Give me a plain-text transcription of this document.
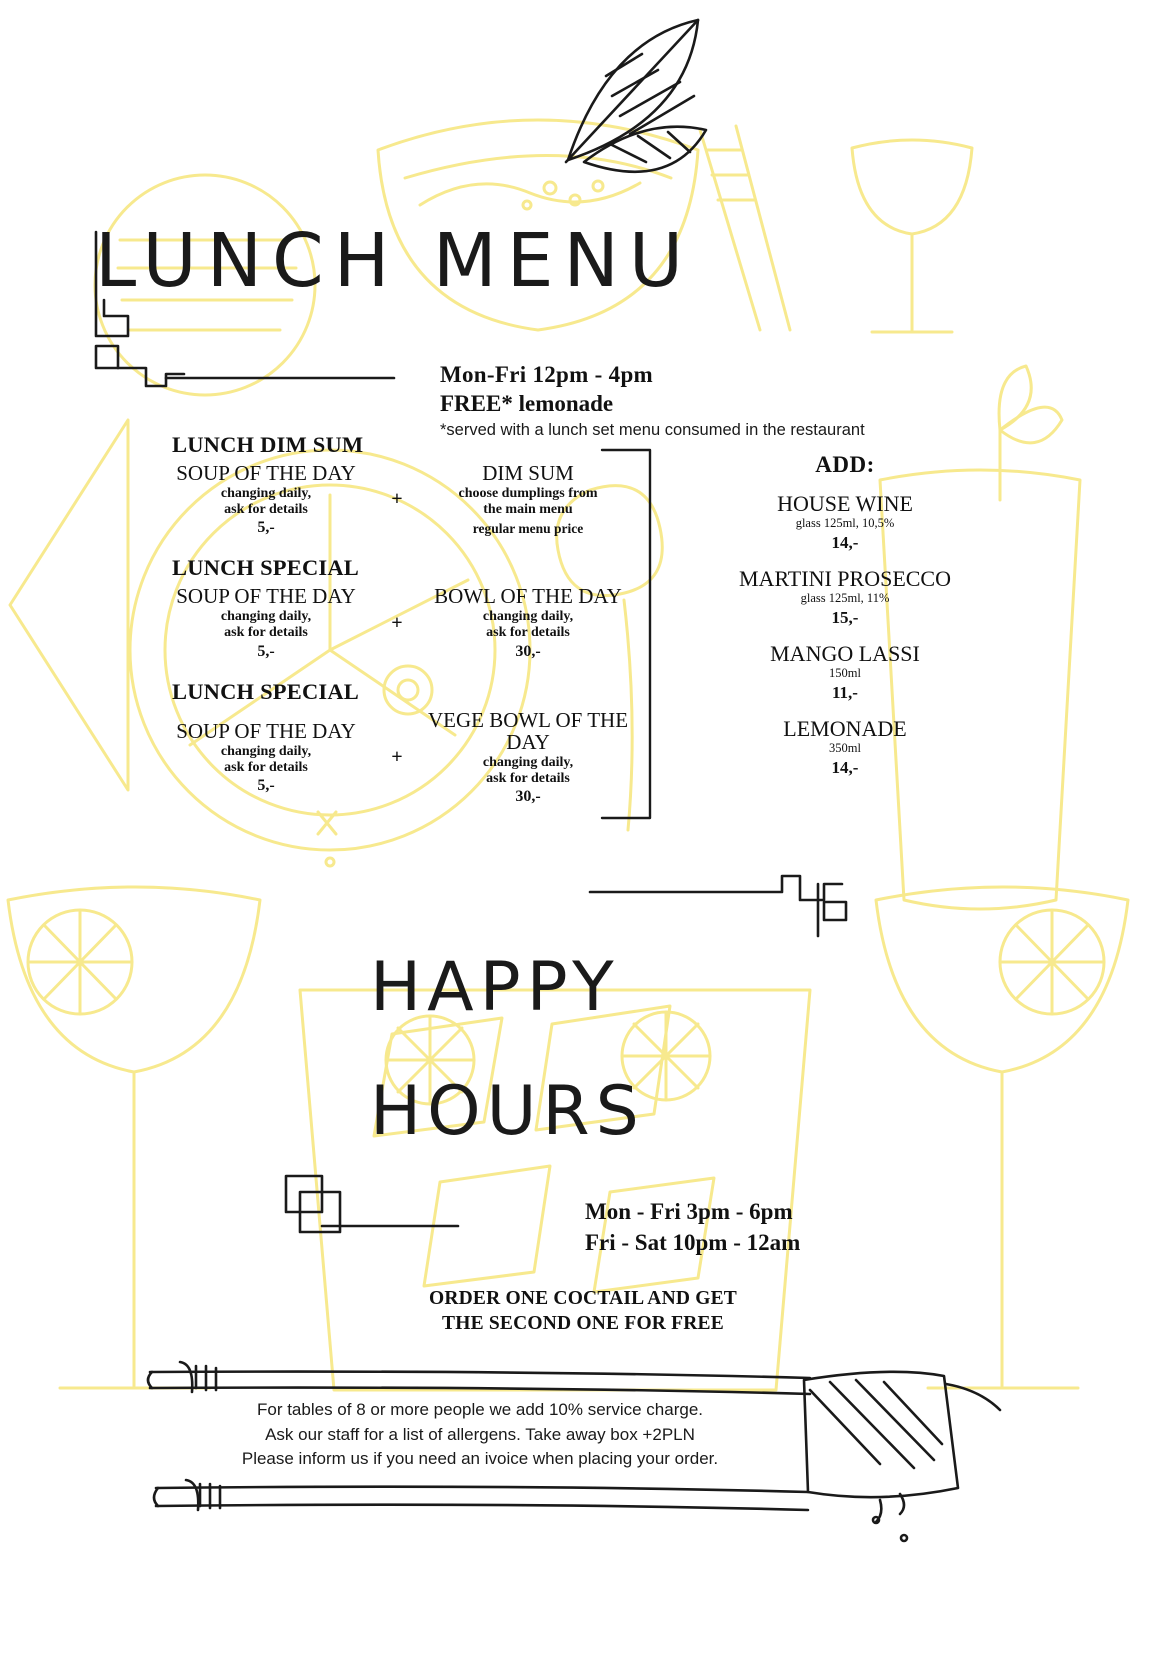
LUNCH MENU
Mon-Fri 12pm - 4pm
FREE* lemonade
*served with a lunch set menu consumed in the restaurant
LUNCH DIM SUM
SOUP OF THE DAY
changing daily,
ask for details
5,-
+
DIM SUM
choose dumplings from
the main menu
regular menu price
LUNCH SPECIAL
SOUP OF THE DAY
changing daily,
ask for details
5,-
+
BOWL OF THE DAY
changing daily,
ask for details
30,-
LUNCH SPECIAL
SOUP OF THE DAY
changing daily,
ask for details
5,-
+
VEGE BOWL OF THE DAY
changing daily,
ask for details
30,-
ADD:
HOUSE WINE
glass 125ml, 10,5%
14,-
MARTINI PROSECCO
glass 125ml, 11%
15,-
MANGO LASSI
150ml
11,-
LEMONADE
350ml
14,-
HAPPY
HOURS
Mon - Fri 3pm - 6pm
Fri - Sat 10pm - 12am
ORDER ONE COCTAIL AND GET
THE SECOND ONE FOR FREE
For tables of 8 or more people we add 10% service charge.
Ask our staff for a list of allergens. Take away box +2PLN
Please inform us if you need an ivoice when placing your order.
